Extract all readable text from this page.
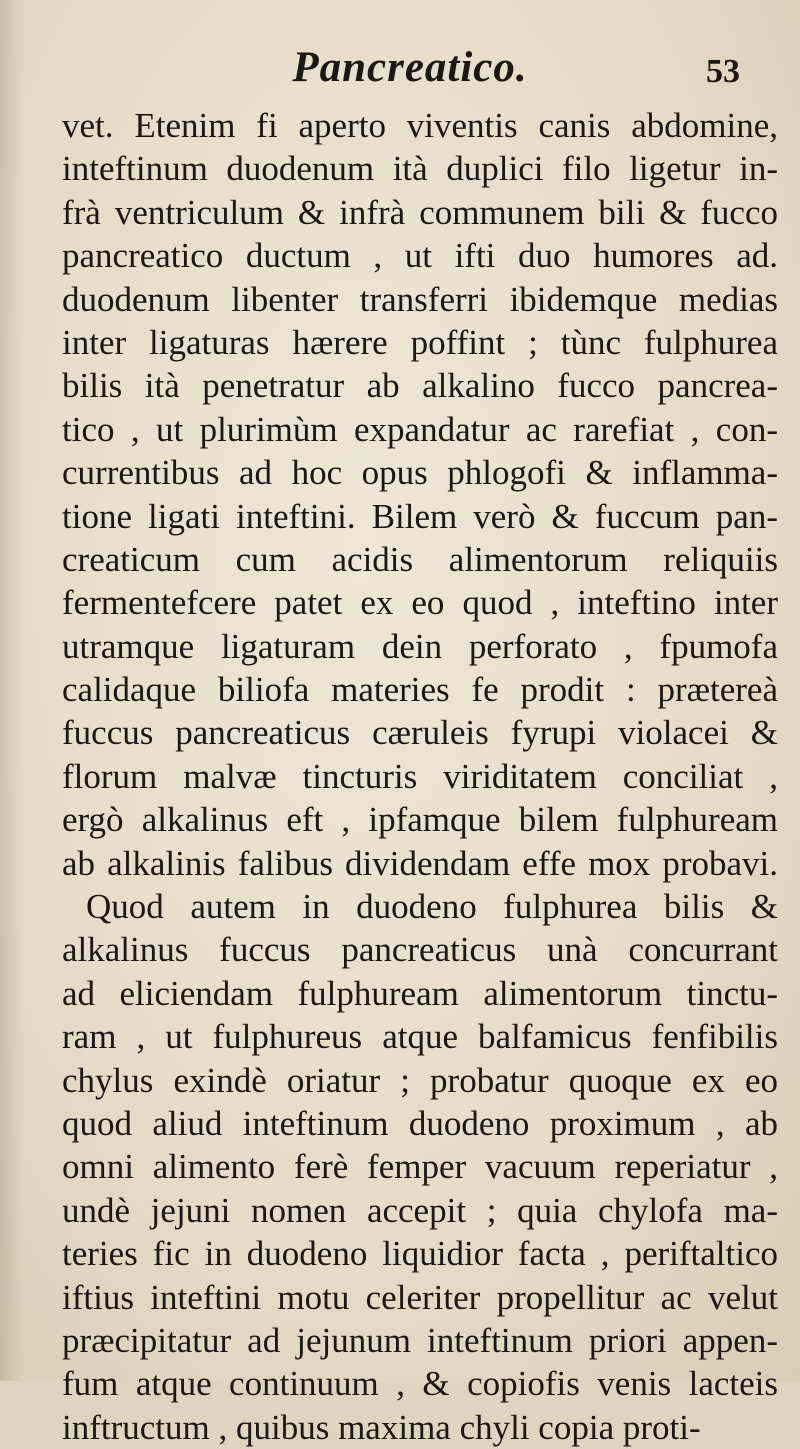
Pancreatico.	53
vet. Etenim fi aperto viventis canis abdomine,
inteftinum duodenum ità duplici filo ligetur in-
frà ventriculum & infrà communem bili & fucco
pancreatico ductum , ut ifti duo humores ad.
duodenum libenter transferri ibidemque medias
inter ligaturas hærere poffint ; tùnc fulphurea
bilis ità penetratur ab alkalino fucco pancrea-
tico , ut plurimùm expandatur ac rarefiat , con-
currentibus ad hoc opus phlogofi & inflamma-
tione ligati inteftini. Bilem verò & fuccum pan-
creaticum cum acidis alimentorum reliquiis
fermentefcere patet ex eo quod , inteftino inter
utramque ligaturam dein perforato , fpumofa
calidaque biliofa materies fe prodit : prætereà
fuccus pancreaticus cæruleis fyrupi violacei &
florum malvæ tincturis viriditatem conciliat ,
ergò alkalinus eft , ipfamque bilem fulphuream
ab alkalinis falibus dividendam effe mox probavi.
Quod autem in duodeno fulphurea bilis &
alkalinus fuccus pancreaticus unà concurrant
ad eliciendam fulphuream alimentorum tinctu-
ram , ut fulphureus atque balfamicus fenfibilis
chylus exindè oriatur ; probatur quoque ex eo
quod aliud inteftinum duodeno proximum , ab
omni alimento ferè femper vacuum reperiatur ,
undè jejuni nomen accepit ; quia chylofa ma-
teries fic in duodeno liquidior facta , periftaltico
iftius inteftini motu celeriter propellitur ac velut
præcipitatur ad jejunum inteftinum priori appen-
fum atque continuum , & copiofis venis lacteis
inftructum , quibus maxima chyli copia proti-
